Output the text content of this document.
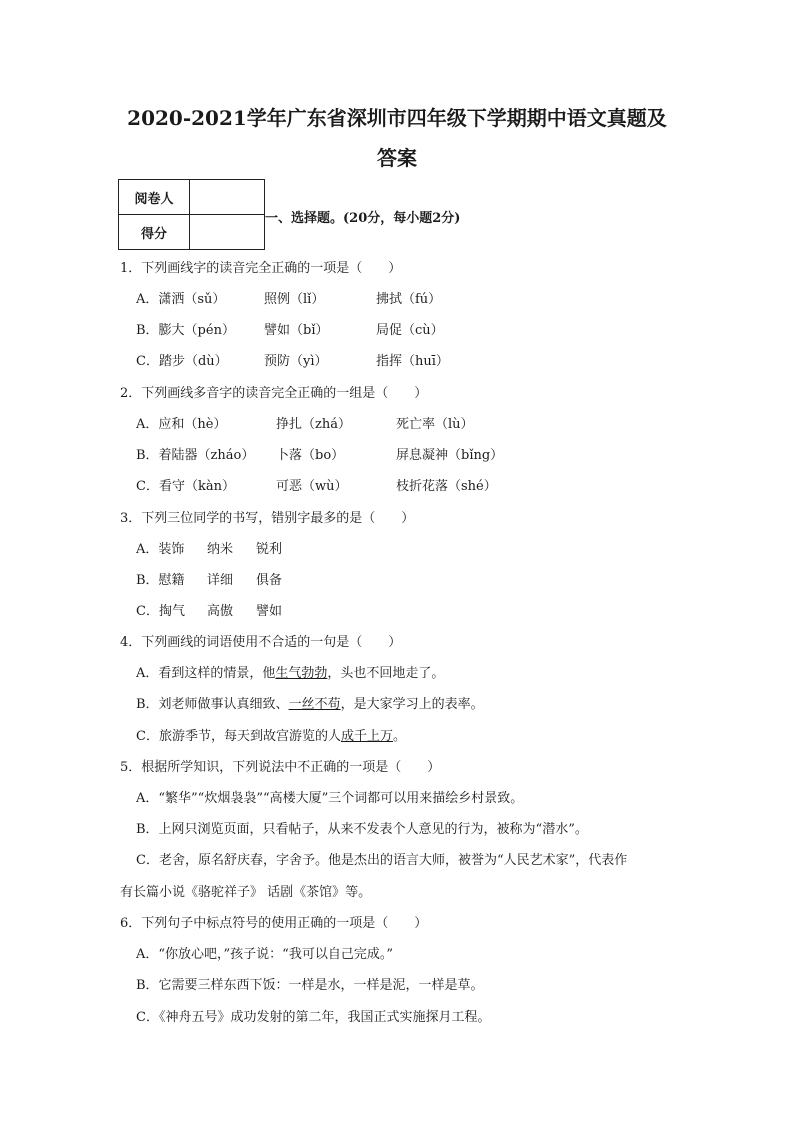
2020-2021学年广东省深圳市四年级下学期期中语文真题及
答案
阅卷人	
得分	
一、选择题。(20分，每小题2分)
1．下列画线字的读音完全正确的一项是（　　）
A．潇洒（sǔ）	照例（lǐ）	拂拭（fú）
B．膨大（pén） 譬如（bǐ）	局促（cù）
C．踏步（dù）	预防（yì）	指挥（huī）
2．下列画线多音字的读音完全正确的一组是（　　）
A．应和（hè）	挣扎（zhá）	死亡率（lù）
B．着陆器（zháo） 卜落（bo）	屏息凝神（bǐng）
C．看守（kàn）	可恶（wù）	枝折花落（shé）
3．下列三位同学的书写，错别字最多的是（　　）
A．装饰 纳米 锐利
B．慰籍 详细 俱备
C．掏气 高傲 譬如
4．下列画线的词语使用不合适的一句是（　　）
A．看到这样的情景，他生气勃勃，头也不回地走了。
B．刘老师做事认真细致、一丝不苟，是大家学习上的表率。
C．旅游季节，每天到故宫游览的人成千上万。
5．根据所学知识，下列说法中不正确的一项是（　　）
A．“繁华”“炊烟袅袅”“高楼大厦”三个词都可以用来描绘乡村景致。
B．上网只浏览页面，只看帖子，从来不发表个人意见的行为，被称为“潜水”。
C．老舍，原名舒庆春，字舍予。他是杰出的语言大师，被誉为“人民艺术家”，代表作
有长篇小说《骆驼祥子》 话剧《茶馆》等。
6．下列句子中标点符号的使用正确的一项是（　　）
A．“你放心吧，”孩子说：“我可以自己完成。”
B．它需要三样东西下饭：一样是水，一样是泥，一样是草。
C．《神舟五号》成功发射的第二年，我国正式实施探月工程。
